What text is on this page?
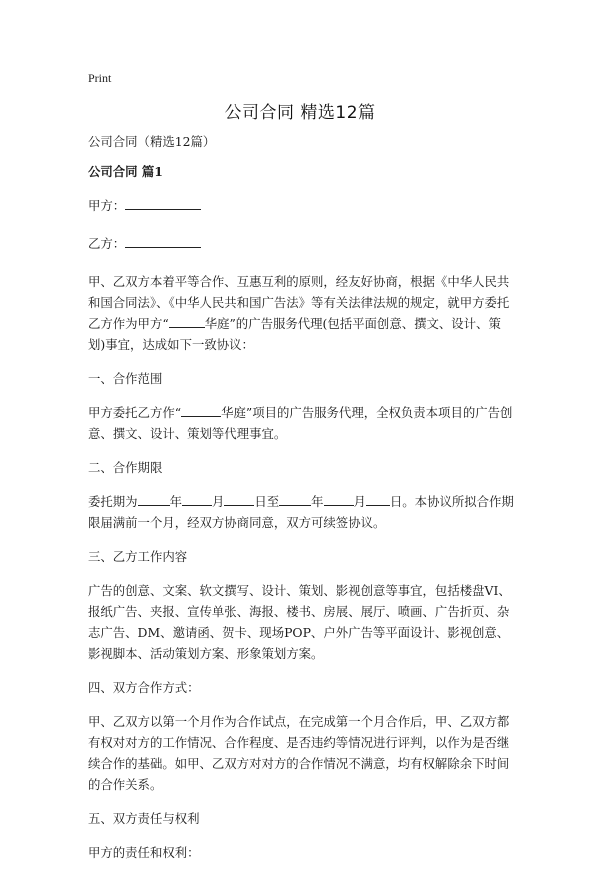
Print
公司合同 精选12篇

公司合同（精选12篇）

公司合同 篇1

甲方：

乙方：

甲、乙双方本着平等合作、互惠互利的原则，经友好协商，根据《中华人民共和国合同法》、《中华人民共和国广告法》等有关法律法规的规定，就甲方委托乙方作为甲方“	华庭”的广告服务代理(包括平面创意、撰文、设计、策划)事宜，达成如下一致协议：

一、合作范围

甲方委托乙方作“	华庭”项目的广告服务代理，全权负责本项目的广告创意、撰文、设计、策划等代理事宜。

二、合作期限

委托期为	年 月 日至	年 月 日。本协议所拟合作期限届满前一个月，经双方协商同意，双方可续签协议。

三、乙方工作内容

广告的创意、文案、软文撰写、设计、策划、影视创意等事宜，包括楼盘VI、报纸广告、夹报、宣传单张、海报、楼书、房展、展厅、喷画、广告折页、杂志广告、DM、邀请函、贺卡、现场POP、户外广告等平面设计、影视创意、影视脚本、活动策划方案、形象策划方案。

四、双方合作方式：

甲、乙双方以第一个月作为合作试点，在完成第一个月合作后，甲、乙双方都有权对对方的工作情况、合作程度、是否违约等情况进行评判，以作为是否继续合作的基础。如甲、乙双方对对方的合作情况不满意，均有权解除余下时间的合作关系。

五、双方责任与权利

甲方的责任和权利：
